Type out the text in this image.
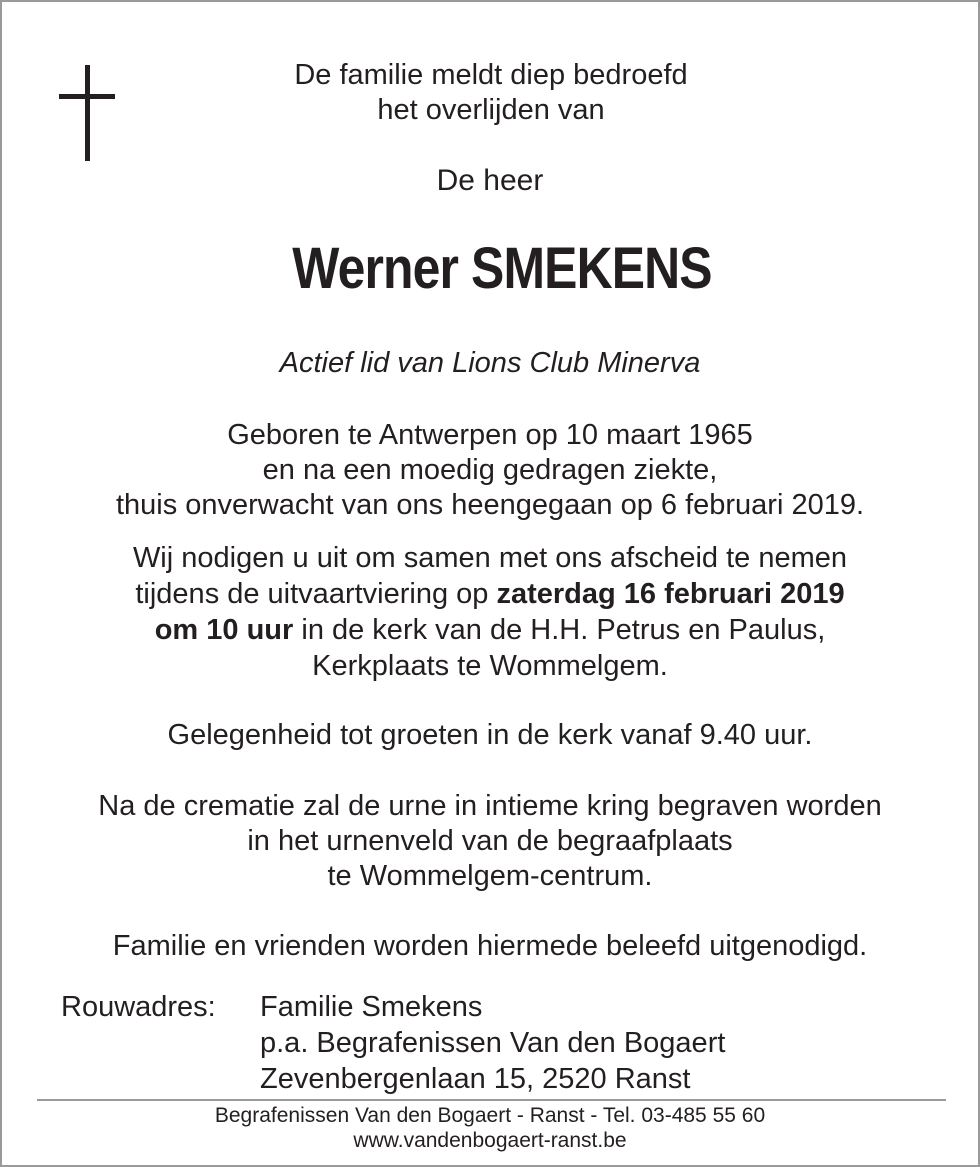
De familie meldt diep bedroefd
het overlijden van
De heer
Werner SMEKENS
Actief lid van Lions Club Minerva
Geboren te Antwerpen op 10 maart 1965
en na een moedig gedragen ziekte,
thuis onverwacht van ons heengegaan op 6 februari 2019.
Wij nodigen u uit om samen met ons afscheid te nemen
tijdens de uitvaartviering op zaterdag 16 februari 2019
om 10 uur in de kerk van de H.H. Petrus en Paulus,
Kerkplaats te Wommelgem.
Gelegenheid tot groeten in de kerk vanaf 9.40 uur.
Na de crematie zal de urne in intieme kring begraven worden
in het urnenveld van de begraafplaats
te Wommelgem-centrum.
Familie en vrienden worden hiermede beleefd uitgenodigd.
Rouwadres: Familie Smekens
p.a. Begrafenissen Van den Bogaert
Zevenbergenlaan 15, 2520 Ranst
Begrafenissen Van den Bogaert - Ranst - Tel. 03-485 55 60
www.vandenbogaert-ranst.be
